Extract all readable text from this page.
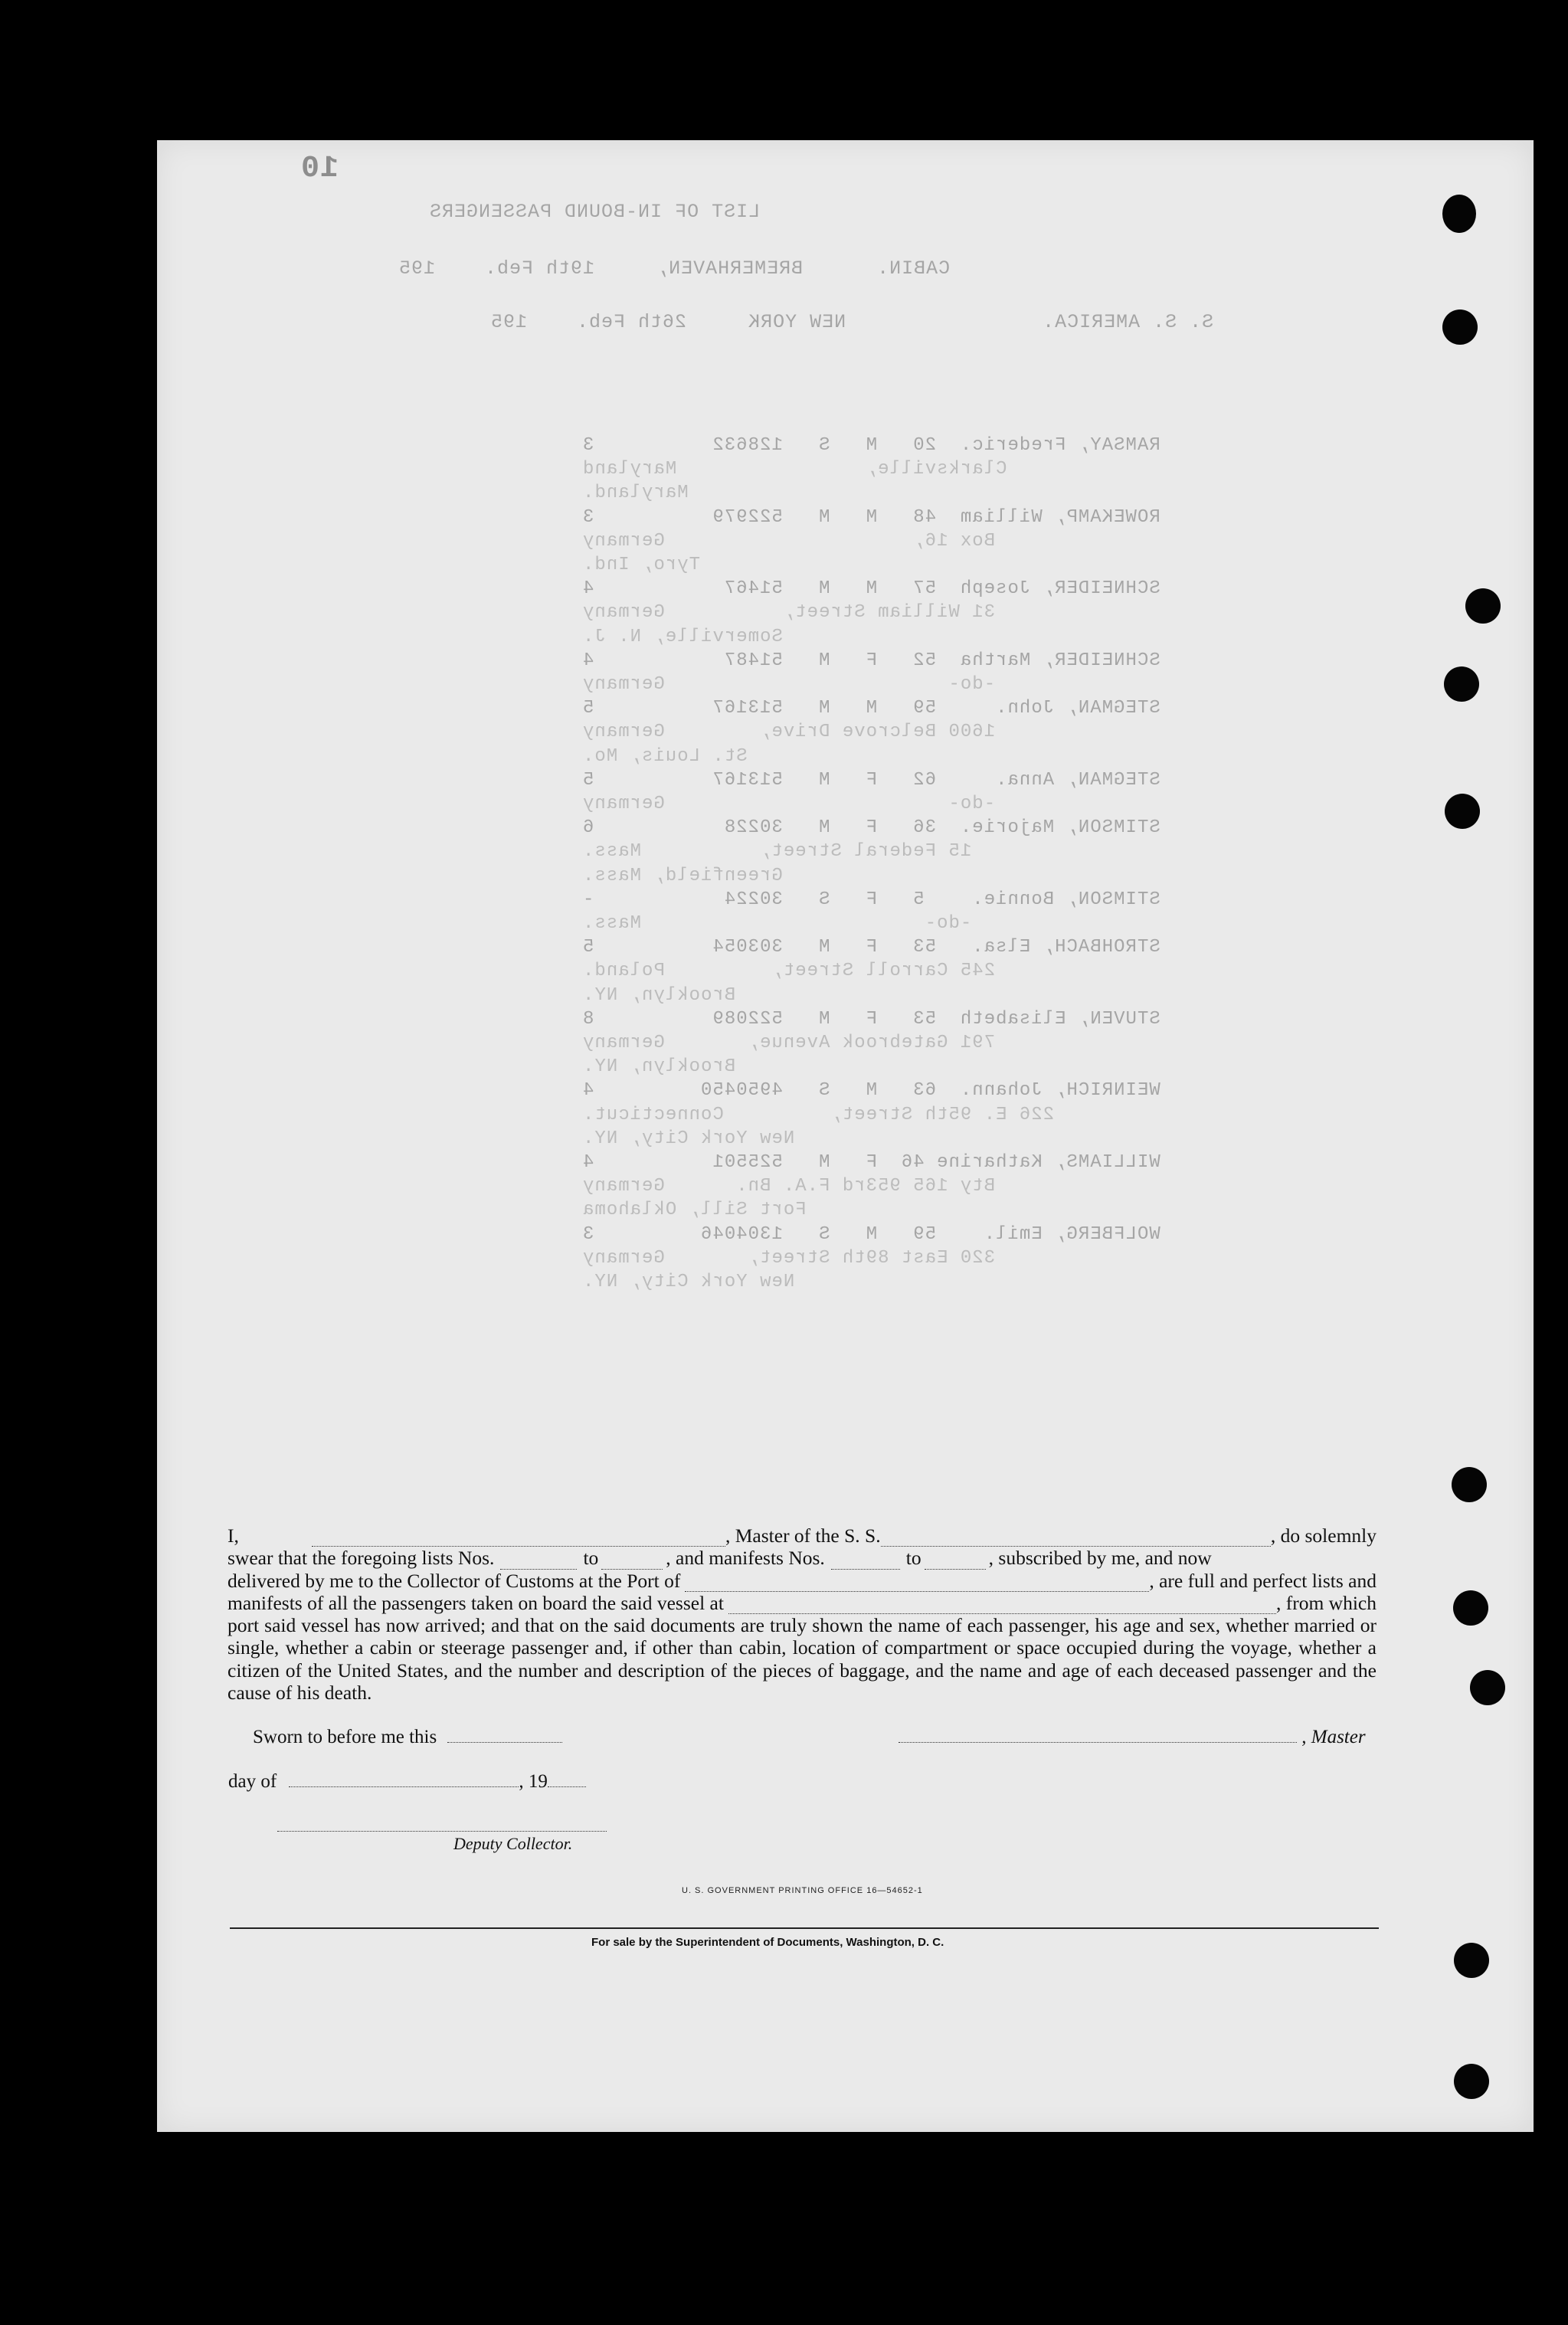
10
LIST OF IN-BOUND PASSENGERS
CABIN.      BREMERHAVEN,     19th Feb.    195
S. S. AMERICA.                NEW YORK     26th Feb.    195
RAMSAY, Frederic.  20   M   S   128632          3
Clarksville,                Maryland
Maryland.
ROWEKAMP, William  48   M   M   522979          3
Box 16,                     Germany
Tyro, Ind.
SCHNEIDER, Joseph  57   M   M   51467           4
31 William Street,          Germany
Somerville, N. J.
SCHNEIDER, Martha  52   F   M   51487           4
-do-                        Germany
STEGMAN, John.     59   M   M   513167          5
1600 Belcrove Drive,        Germany
St. Louis, Mo.
STEGMAN, Anna.     62   F   M   513167          5
-do-                        Germany
STIMSON, Majorie.  36   F   M   30228           6
15 Federal Street,          Mass.
Greenfield, Mass.
STIMSON, Bonnie.    5   F   S   30224           -
-do-                        Mass.
STROHBACH, Elsa.   53   F   M   303054          5
245 Carroll Street,         Poland.
Brooklyn, NY.
STUVEN, Elisabeth  53   F   M   522089          8
791 Gatebrook Avenue,       Germany
Brooklyn, NY.
WEINRICH, Johann.  63   M   S   4950450         4
226 E. 95th Street,         Connecticut.
New York City, NY.
WILLIAMS, Katharine 46  F   M   525501          4
Bty 165 953rd F.A. Bn.      Germany
Fort Sill, Oklahoma
WOLFBERG, Emil.    59   M   S   1304046         3
320 East 89th Street,       Germany
New York City, NY.

I,	, Master of the S. S.	, do solemnly

swear that the foregoing lists Nos.	to	, and manifests Nos.	to	, subscribed by me, and now

delivered by me to the Collector of Customs at the Port of	, are full and perfect lists and

manifests of all the passengers taken on board the said vessel at	, from which

port said vessel has now arrived; and that on the said documents are truly shown the name of each passenger, his age and sex, whether married or single, whether a cabin or steerage passenger and, if other than cabin, location of compartment or space occupied during the voyage, whether a citizen of the United States, and the number and description of the pieces of baggage, and the name and age of each deceased passenger and the cause of his death.

Sworn to before me this	, Master
day of	, 19
Deputy Collector.
U. S. GOVERNMENT PRINTING OFFICE 16—54652-1
For sale by the Superintendent of Documents, Washington, D. C.
